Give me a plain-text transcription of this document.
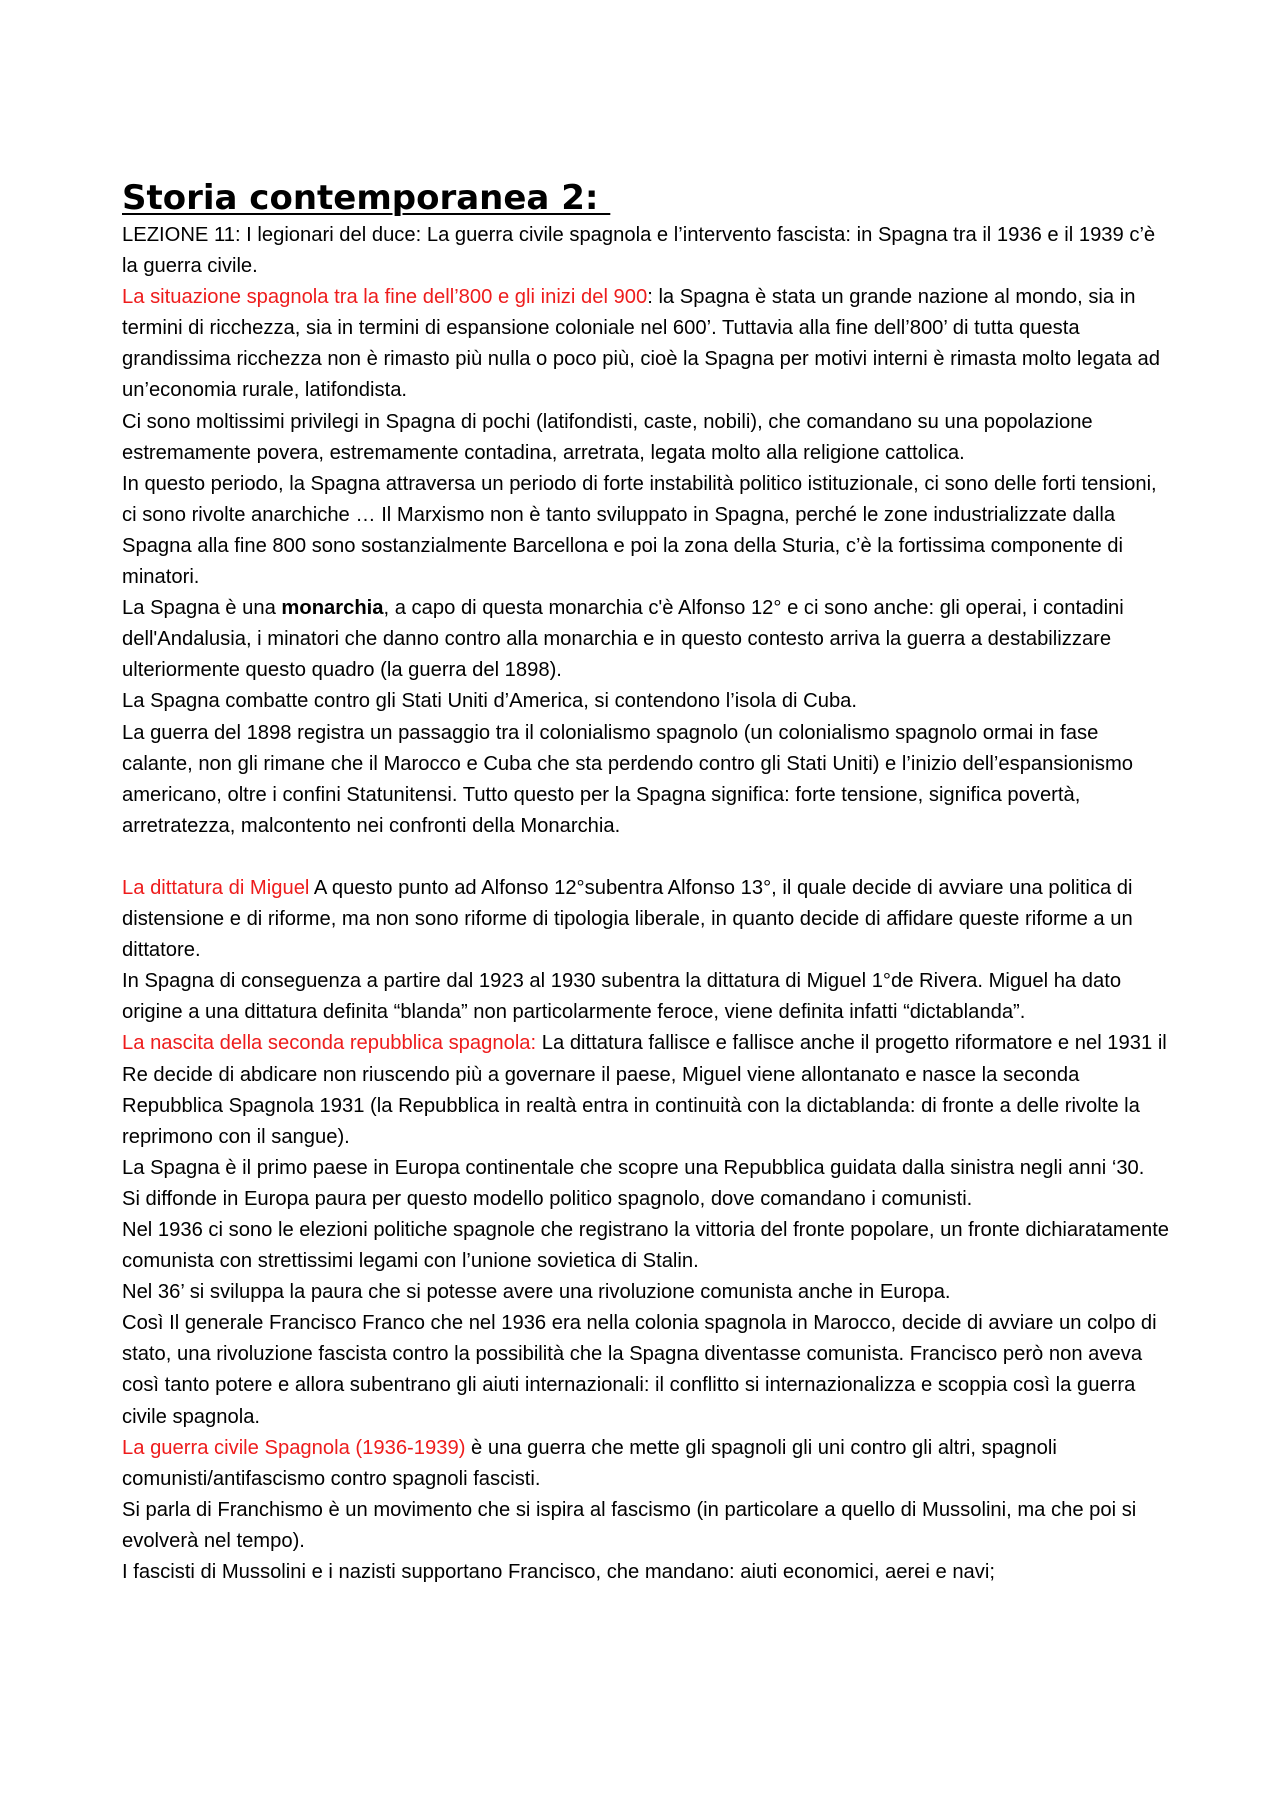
Storia contemporanea 2:

LEZIONE 11: I legionari del duce: La guerra civile spagnola e l’intervento fascista: in Spagna tra il 1936 e il 1939 c’è la guerra civile.

La situazione spagnola tra la fine dell’800 e gli inizi del 900: la Spagna è stata un grande nazione al mondo, sia in termini di ricchezza, sia in termini di espansione coloniale nel 600’. Tuttavia alla fine dell’800’ di tutta questa grandissima ricchezza non è rimasto più nulla o poco più, cioè la Spagna per motivi interni è rimasta molto legata ad un’economia rurale, latifondista.

Ci sono moltissimi privilegi in Spagna di pochi (latifondisti, caste, nobili), che comandano su una popolazione estremamente povera, estremamente contadina, arretrata, legata molto alla religione cattolica.

In questo periodo, la Spagna attraversa un periodo di forte instabilità politico istituzionale, ci sono delle forti tensioni, ci sono rivolte anarchiche … Il Marxismo non è tanto sviluppato in Spagna, perché le zone industrializzate dalla Spagna alla fine 800 sono sostanzialmente Barcellona e poi la zona della Sturia, c’è la fortissima componente di minatori.

La Spagna è una monarchia, a capo di questa monarchia c'è Alfonso 12° e ci sono anche: gli operai, i contadini dell'Andalusia, i minatori che danno contro alla monarchia e in questo contesto arriva la guerra a destabilizzare ulteriormente questo quadro (la guerra del 1898).

La Spagna combatte contro gli Stati Uniti d’America, si contendono l’isola di Cuba.

La guerra del 1898 registra un passaggio tra il colonialismo spagnolo (un colonialismo spagnolo ormai in fase calante, non gli rimane che il Marocco e Cuba che sta perdendo contro gli Stati Uniti) e l’inizio dell’espansionismo americano, oltre i confini Statunitensi. Tutto questo per la Spagna significa: forte tensione, significa povertà, arretratezza, malcontento nei confronti della Monarchia.

La dittatura di Miguel A questo punto ad Alfonso 12°subentra Alfonso 13°, il quale decide di avviare una politica di distensione e di riforme, ma non sono riforme di tipologia liberale, in quanto decide di affidare queste riforme a un dittatore.

In Spagna di conseguenza a partire dal 1923 al 1930 subentra la dittatura di Miguel 1°de Rivera. Miguel ha dato origine a una dittatura definita “blanda” non particolarmente feroce, viene definita infatti “dictablanda”.

La nascita della seconda repubblica spagnola: La dittatura fallisce e fallisce anche il progetto riformatore e nel 1931 il Re decide di abdicare non riuscendo più a governare il paese, Miguel viene allontanato e nasce la seconda Repubblica Spagnola 1931 (la Repubblica in realtà entra in continuità con la dictablanda: di fronte a delle rivolte la reprimono con il sangue).

La Spagna è il primo paese in Europa continentale che scopre una Repubblica guidata dalla sinistra negli anni ‘30.

Si diffonde in Europa paura per questo modello politico spagnolo, dove comandano i comunisti.

Nel 1936 ci sono le elezioni politiche spagnole che registrano la vittoria del fronte popolare, un fronte dichiaratamente comunista con strettissimi legami con l’unione sovietica di Stalin.

Nel 36’ si sviluppa la paura che si potesse avere una rivoluzione comunista anche in Europa.

Così Il generale Francisco Franco che nel 1936 era nella colonia spagnola in Marocco, decide di avviare un colpo di stato, una rivoluzione fascista contro la possibilità che la Spagna diventasse comunista. Francisco però non aveva così tanto potere e allora subentrano gli aiuti internazionali: il conflitto si internazionalizza e scoppia così la guerra civile spagnola.

La guerra civile Spagnola (1936-1939) è una guerra che mette gli spagnoli gli uni contro gli altri, spagnoli comunisti/antifascismo contro spagnoli fascisti.

Si parla di Franchismo è un movimento che si ispira al fascismo (in particolare a quello di Mussolini, ma che poi si evolverà nel tempo).

I fascisti di Mussolini e i nazisti supportano Francisco, che mandano: aiuti economici, aerei e navi;
